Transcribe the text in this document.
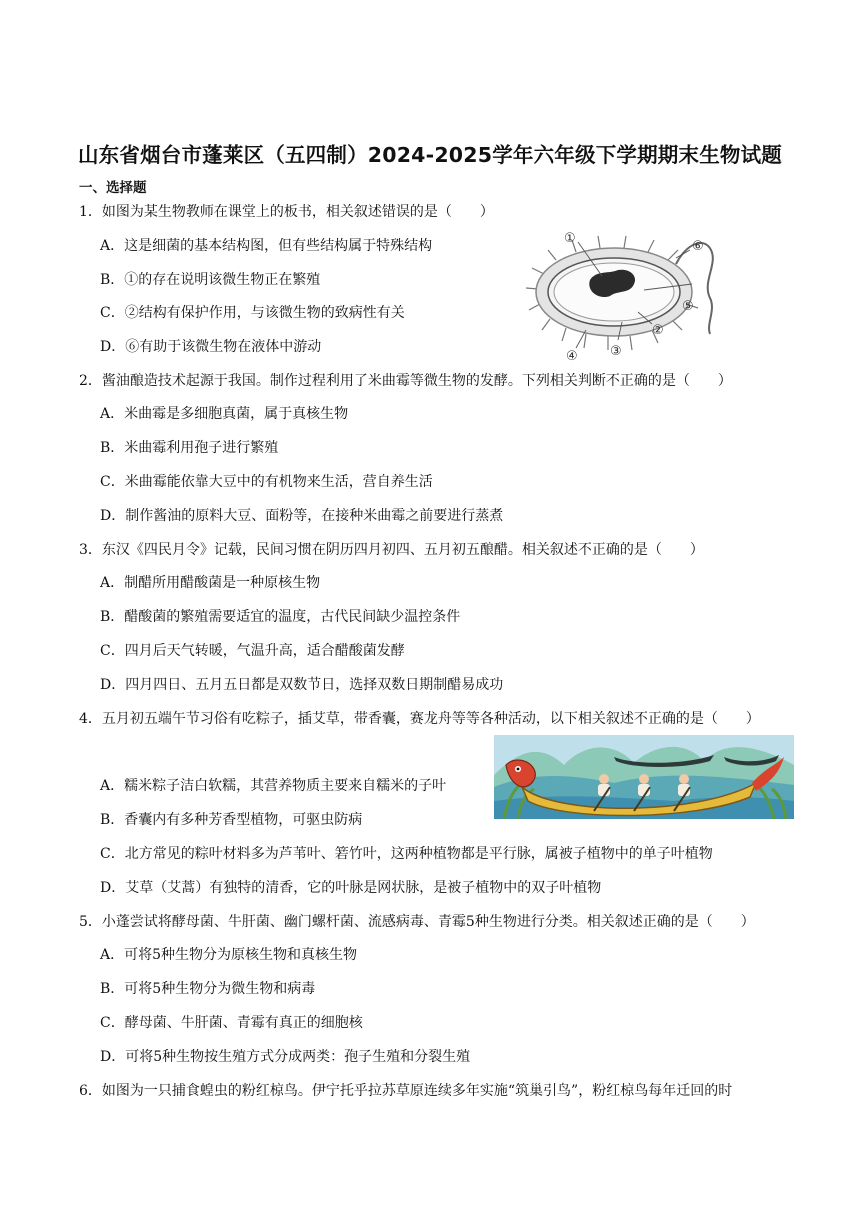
山东省烟台市蓬莱区（五四制）2024-2025学年六年级下学期期末生物试题
一、选择题
1．如图为某生物教师在课堂上的板书，相关叙述错误的是（　　）
A．这是细菌的基本结构图，但有些结构属于特殊结构
B．①的存在说明该微生物正在繁殖
C．②结构有保护作用，与该微生物的致病性有关
D．⑥有助于该微生物在液体中游动
①
⑤
②
③
④
⑥
2．酱油酿造技术起源于我国。制作过程利用了米曲霉等微生物的发酵。下列相关判断不正确的是（　　）
A．米曲霉是多细胞真菌，属于真核生物
B．米曲霉利用孢子进行繁殖
C．米曲霉能依靠大豆中的有机物来生活，营自养生活
D．制作酱油的原料大豆、面粉等，在接种米曲霉之前要进行蒸煮
3．东汉《四民月令》记载，民间习惯在阴历四月初四、五月初五酿醋。相关叙述不正确的是（　　）
A．制醋所用醋酸菌是一种原核生物
B．醋酸菌的繁殖需要适宜的温度，古代民间缺少温控条件
C．四月后天气转暖，气温升高，适合醋酸菌发酵
D．四月四日、五月五日都是双数节日，选择双数日期制醋易成功
4．五月初五端午节习俗有吃粽子，插艾草，带香囊，赛龙舟等等各种活动，以下相关叙述不正确的是（　　）
A．糯米粽子洁白软糯，其营养物质主要来自糯米的子叶
B．香囊内有多种芳香型植物，可驱虫防病
C．北方常见的粽叶材料多为芦苇叶、箬竹叶，这两种植物都是平行脉，属被子植物中的单子叶植物
D．艾草（艾蒿）有独特的清香，它的叶脉是网状脉，是被子植物中的双子叶植物
5．小蓬尝试将酵母菌、牛肝菌、幽门螺杆菌、流感病毒、青霉5种生物进行分类。相关叙述正确的是（　　）
A．可将5种生物分为原核生物和真核生物
B．可将5种生物分为微生物和病毒
C．酵母菌、牛肝菌、青霉有真正的细胞核
D．可将5种生物按生殖方式分成两类：孢子生殖和分裂生殖
6．如图为一只捕食蝗虫的粉红椋鸟。伊宁托乎拉苏草原连续多年实施“筑巢引鸟”，粉红椋鸟每年迁回的时
